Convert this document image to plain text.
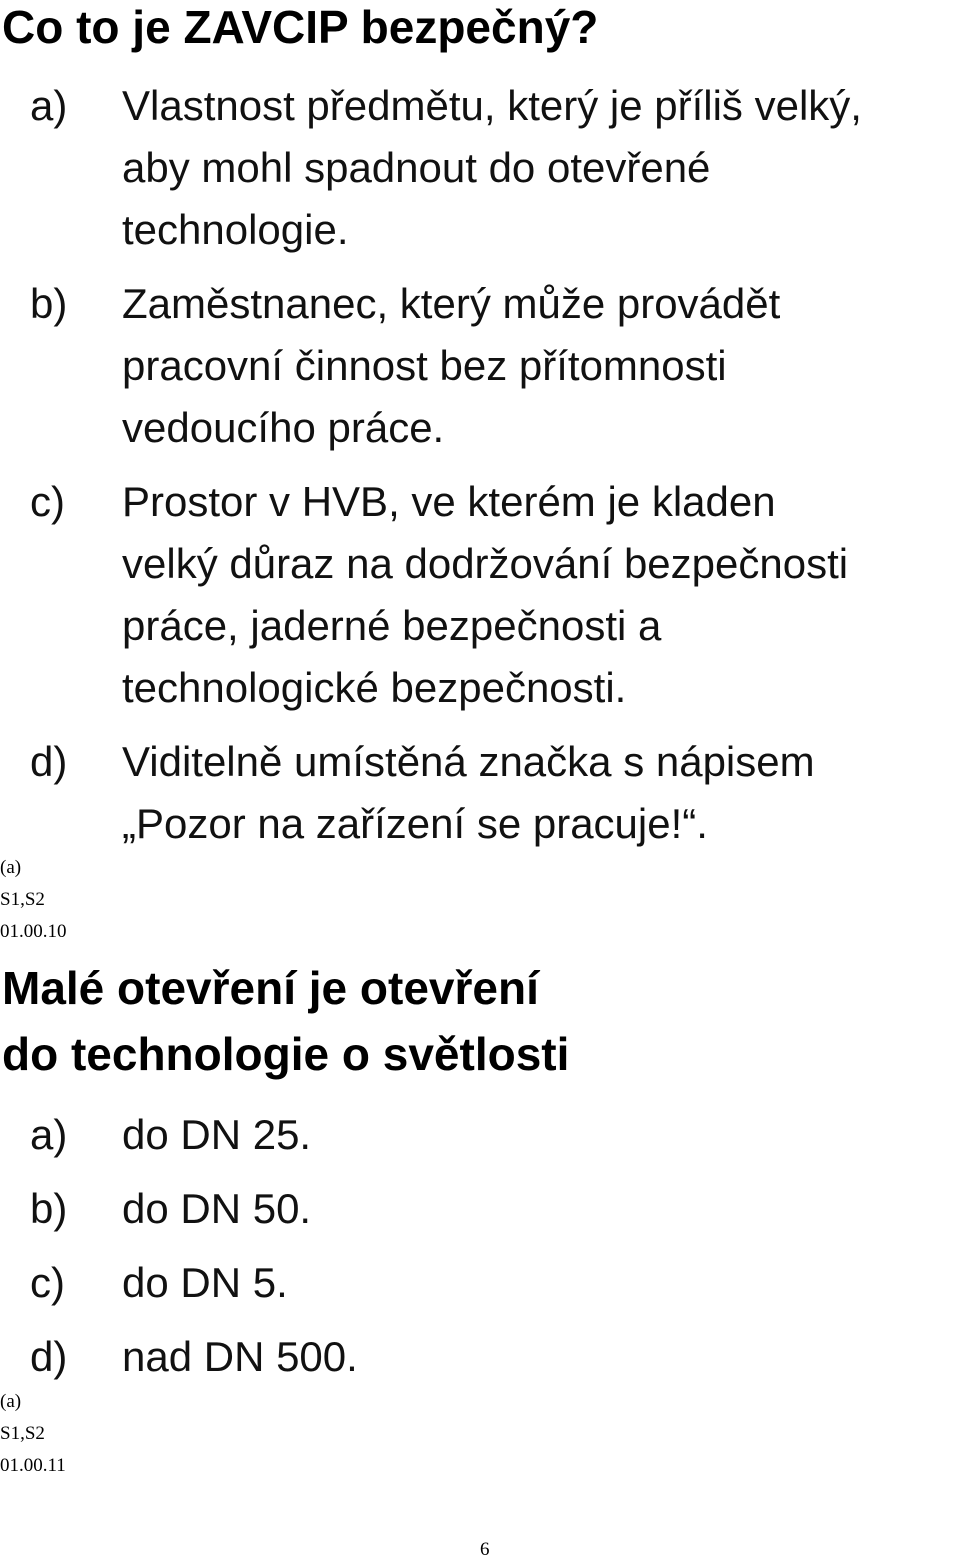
Co to je ZAVCIP bezpečný?
a) Vlastnost předmětu, který je příliš velký,
aby mohl spadnout do otevřené
technologie.
b) Zaměstnanec, který může provádět
pracovní činnost bez přítomnosti
vedoucího práce.
c) Prostor v HVB, ve kterém je kladen
velký důraz na dodržování bezpečnosti
práce, jaderné bezpečnosti a
technologické bezpečnosti.
d) Viditelně umístěná značka s nápisem
„Pozor na zařízení se pracuje!“.
(a)
S1,S2
01.00.10
Malé otevření je otevření
do technologie o světlosti
a) do DN 25.
b) do DN 50.
c) do DN 5.
d) nad DN 500.
(a)
S1,S2
01.00.11
6
